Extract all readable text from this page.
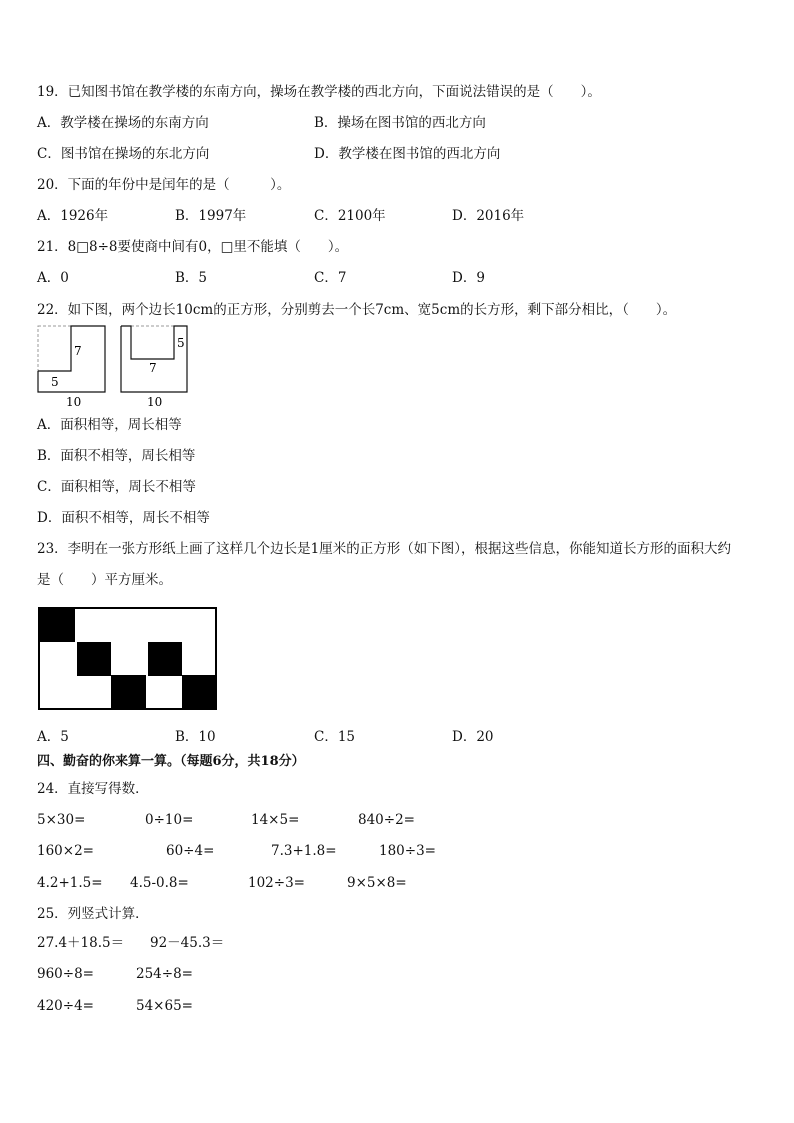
19．已知图书馆在教学楼的东南方向，操场在教学楼的西北方向，下面说法错误的是（　　）。
A．教学楼在操场的东南方向	B．操场在图书馆的西北方向
C．图书馆在操场的东北方向	D．教学楼在图书馆的西北方向
20．下面的年份中是闰年的是（　　　）。
A．1926年	B．1997年	C．2100年	D．2016年
21．8□8÷8要使商中间有0，□里不能填（　　）。
A．0	B．5	C．7	D．9
22．如下图，两个边长10cm的正方形，分别剪去一个长7cm、宽5cm的长方形，剩下部分相比，（　　）。
7
5
10
5
7
10
A．面积相等，周长相等
B．面积不相等，周长相等
C．面积相等，周长不相等
D．面积不相等，周长不相等
23．李明在一张方形纸上画了这样几个边长是1厘米的正方形（如下图），根据这些信息，你能知道长方形的面积大约
是（　　）平方厘米。
A．5	B．10	C．15	D．20
四、勤奋的你来算一算。（每题6分，共18分）
24．直接写得数．
5×30=	0÷10=	14×5=	840÷2=
160×2=	60÷4=	7.3+1.8=	180÷3=
4.2+1.5= 4.5-0.8=	102÷3=	9×5×8=
25．列竖式计算．
27.4＋18.5＝ 92－45.3＝
960÷8=	254÷8=
420÷4=	54×65=
